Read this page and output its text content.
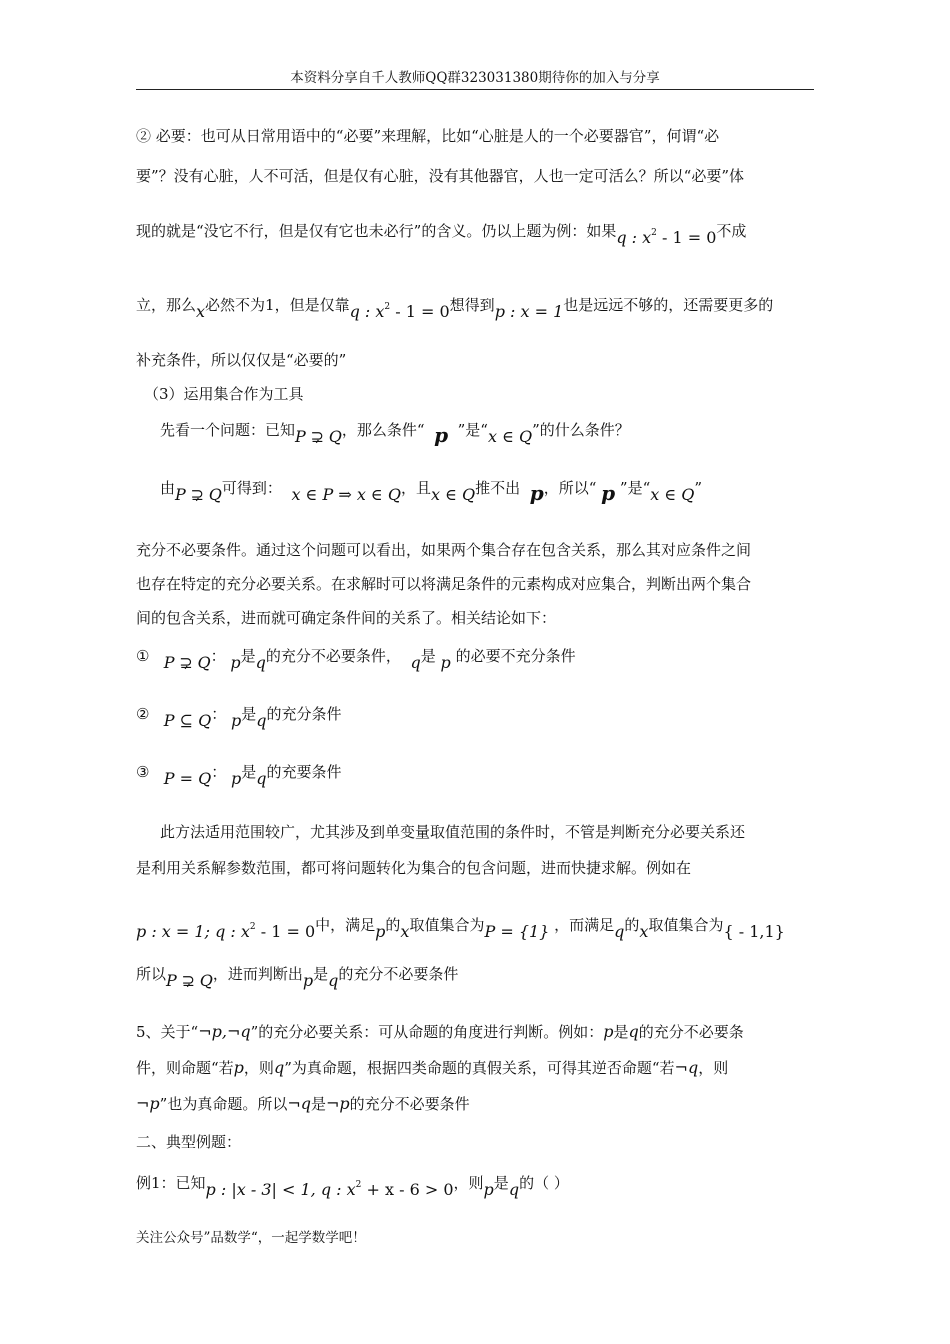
本资料分享自千人教师QQ群323031380期待你的加入与分享
② 必要：也可从日常用语中的“必要”来理解，比如“心脏是人的一个必要器官”，何谓“必
要”？没有心脏，人不可活，但是仅有心脏，没有其他器官，人也一定可活么？所以“必要”体
现的就是“没它不行，但是仅有它也未必行”的含义。仍以上题为例：如果q : $x^2 - 1 = 0$不成
立，那么x必然不为1，但是仅靠q : $x^2 - 1 = 0$想得到p : x = 1也是远远不够的，还需要更多的
补充条件，所以仅仅是“必要的”
（3）运用集合作为工具
先看一个问题：已知P ⊋ Q，那么条件“ p ”是“x ∈ Q”的什么条件？
由P ⊋ Q可得到： x ∈ P ⇒ x ∈ Q，且x ∈ Q推不出 p，所以“ p ”是“x ∈ Q”
充分不必要条件。通过这个问题可以看出，如果两个集合存在包含关系，那么其对应条件之间
也存在特定的充分必要关系。在求解时可以将满足条件的元素构成对应集合，判断出两个集合
间的包含关系，进而就可确定条件间的关系了。相关结论如下：
① P ⊋ Q： p是q的充分不必要条件， q是 p 的必要不充分条件
② P ⊆ Q： p是q的充分条件
③ P = Q： p是q的充要条件
此方法适用范围较广，尤其涉及到单变量取值范围的条件时，不管是判断充分必要关系还
是利用关系解参数范围，都可将问题转化为集合的包含问题，进而快捷求解。例如在
p : x = 1; q : $x^2 - 1 = 0$中，满足p的x取值集合为P = {1} ，而满足q的x取值集合为{ - 1,1}
所以P ⊋ Q，进而判断出p是q的充分不必要条件
5、关于“¬p,¬q”的充分必要关系：可从命题的角度进行判断。例如：p是q的充分不必要条
件，则命题“若p，则q”为真命题，根据四类命题的真假关系，可得其逆否命题“若¬q，则
¬p”也为真命题。所以¬q是¬p的充分不必要条件
二、典型例题：
例1：已知p : |x - 3| < 1, q : $x^2 + x - 6 > 0$，则p是q的（ ）
关注公众号”品数学“，一起学数学吧！
